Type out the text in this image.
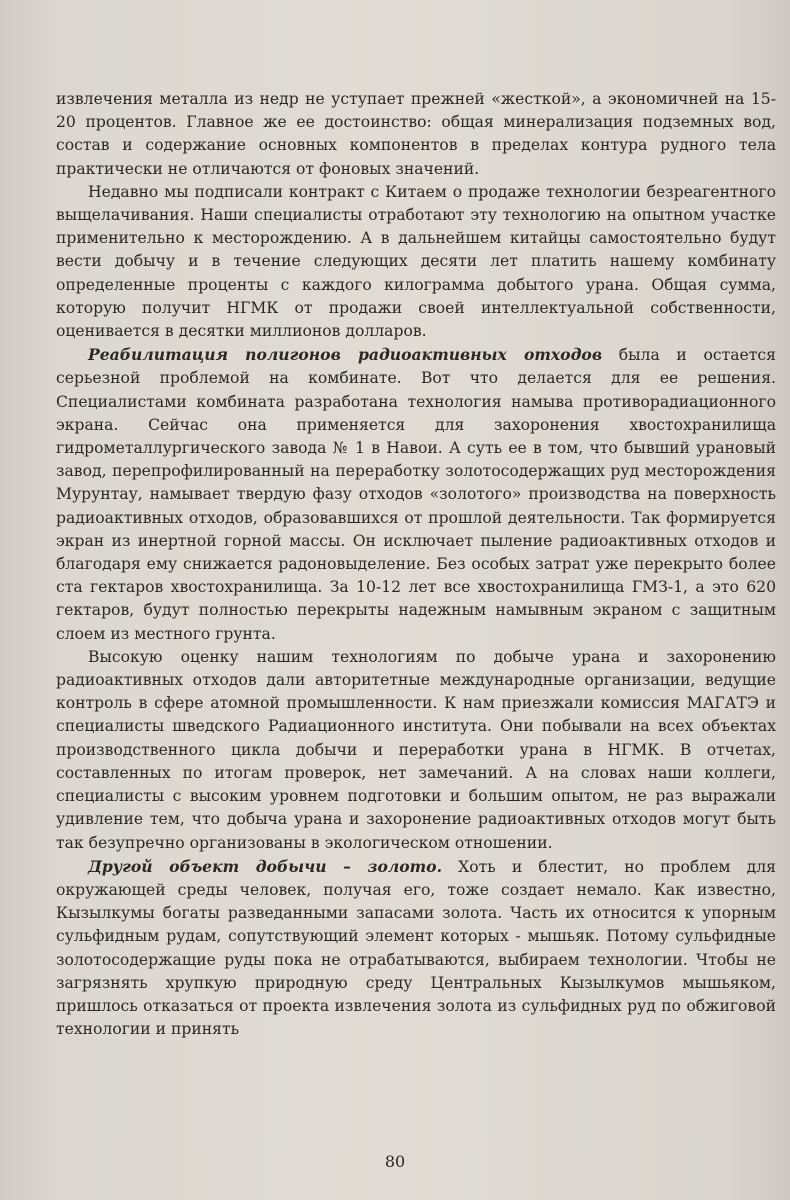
извлечения металла из недр не уступает прежней «жесткой», а экономичней на 15-20 процентов. Главное же ее достоинство: общая минерализация подземных вод, состав и содержание основных компонентов в пределах контура рудного тела практически не отличаются от фоновых значений.

Недавно мы подписали контракт с Китаем о продаже технологии безреагентного выщелачивания. Наши специалисты отработают эту технологию на опытном участке применительно к месторождению. А в дальнейшем китайцы самостоятельно будут вести добычу и в течение следующих десяти лет платить нашему комбинату определенные проценты с каждого килограмма добытого урана. Общая сумма, которую получит НГМК от продажи своей интеллектуальной собственности, оценивается в десятки миллионов долларов.

Реабилитация полигонов радиоактивных отходов была и остается серьезной проблемой на комбинате. Вот что делается для ее решения. Специалистами комбината разработана технология намыва противорадиационного экрана. Сейчас она применяется для захоронения хвостохранилища гидрометаллургического завода № 1 в Навои. А суть ее в том, что бывший урановый завод, перепрофилированный на переработку золотосодержащих руд месторождения Мурунтау, намывает твердую фазу отходов «золотого» производства на поверхность радиоактивных отходов, образовавшихся от прошлой деятельности. Так формируется экран из инертной горной массы. Он исключает пыление радиоактивных отходов и благодаря ему снижается радоновыделение. Без особых затрат уже перекрыто более ста гектаров хвостохранилища. За 10-12 лет все хвостохранилища ГМЗ-1, а это 620 гектаров, будут полностью перекрыты надежным намывным экраном с защитным слоем из местного грунта.

Высокую оценку нашим технологиям по добыче урана и захоронению радиоактивных отходов дали авторитетные международные организации, ведущие контроль в сфере атомной промышленности. К нам приезжали комиссия МАГАТЭ и специалисты шведского Радиационного института. Они побывали на всех объектах производственного цикла добычи и переработки урана в НГМК. В отчетах, составленных по итогам проверок, нет замечаний. А на словах наши коллеги, специалисты с высоким уровнем подготовки и большим опытом, не раз выражали удивление тем, что добыча урана и захоронение радиоактивных отходов могут быть так безупречно организованы в экологическом отношении.

Другой объект добычи – золото. Хоть и блестит, но проблем для окружающей среды человек, получая его, тоже создает немало. Как известно, Кызылкумы богаты разведанными запасами золота. Часть их относится к упорным сульфидным рудам, сопутствующий элемент которых - мышьяк. Потому сульфидные золотосодержащие руды пока не отрабатываются, выбираем технологии. Чтобы не загрязнять хрупкую природную среду Центральных Кызылкумов мышьяком, пришлось отказаться от проекта извлечения золота из сульфидных руд по обжиговой технологии и принять

80
